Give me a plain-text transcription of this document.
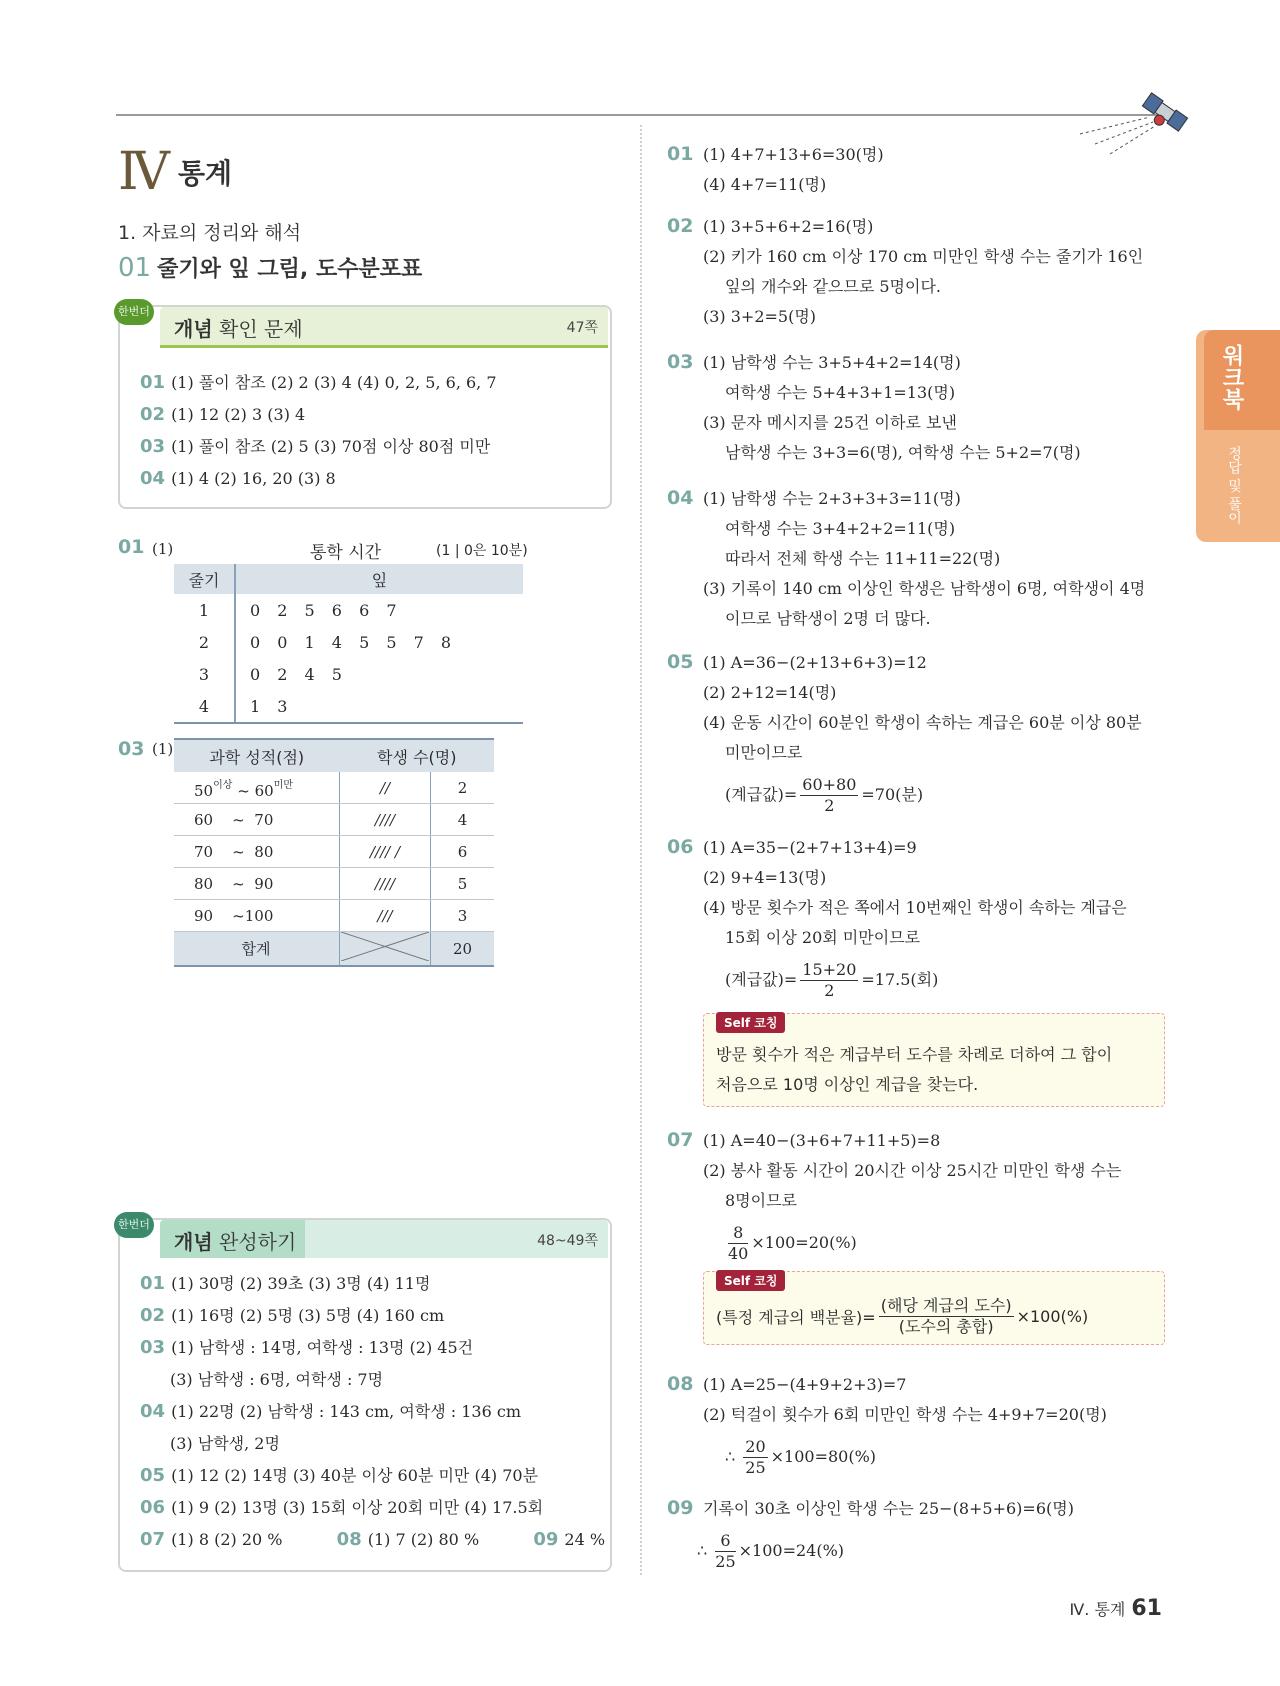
Ⅳ 통계
1. 자료의 정리와 해석
01 줄기와 잎 그림, 도수분포표
한번더
개념 확인 문제	47쪽
01 (1) 풀이 참조 (2) 2 (3) 4 (4) 0, 2, 5, 6, 6, 7
02 (1) 12 (2) 3 (3) 4
03 (1) 풀이 참조 (2) 5 (3) 70점 이상 80점 미만
04 (1) 4 (2) 16, 20 (3) 8
01 (1)	통학 시간	(1 | 0은 10분)
줄기	잎
1	0 2 5 6 6 7
2	0 0 1 4 5 5 7 8
3	0 2 4 5
4	1 3
03 (1) 과학 성적(점)	학생 수(명)	
$50^{이상}$ ~ $60^{미만}$	//	2
60 ~ 70	////	4
70 ~ 80	//// /	6
80 ~ 90	////	5
90 ~100	///	3
합계		20
한번더
개념 완성하기	48~49쪽
01 (1) 30명 (2) 39초 (3) 3명 (4) 11명
02 (1) 16명 (2) 5명 (3) 5명 (4) 160 cm
03 (1) 남학생 : 14명, 여학생 : 13명 (2) 45건
(3) 남학생 : 6명, 여학생 : 7명
04 (1) 22명 (2) 남학생 : 143 cm, 여학생 : 136 cm
(3) 남학생, 2명
05 (1) 12 (2) 14명 (3) 40분 이상 60분 미만 (4) 70분
06 (1) 9 (2) 13명 (3) 15회 이상 20회 미만 (4) 17.5회
07 (1) 8 (2) 20 %	08 (1) 7 (2) 80 %	09 24 %
01 (1) 4+7+13+6=30(명)
(4) 4+7=11(명)
02 (1) 3+5+6+2=16(명)
(2) 키가 160 cm 이상 170 cm 미만인 학생 수는 줄기가 16인
잎의 개수와 같으므로 5명이다.
(3) 3+2=5(명)
03 (1) 남학생 수는 3+5+4+2=14(명)
여학생 수는 5+4+3+1=13(명)
(3) 문자 메시지를 25건 이하로 보낸
남학생 수는 3+3=6(명), 여학생 수는 5+2=7(명)
04 (1) 남학생 수는 2+3+3+3=11(명)
여학생 수는 3+4+2+2=11(명)
따라서 전체 학생 수는 11+11=22(명)
(3) 기록이 140 cm 이상인 학생은 남학생이 6명, 여학생이 4명
이므로 남학생이 2명 더 많다.
05 (1) A=36−(2+13+6+3)=12
(2) 2+12=14(명)
(4) 운동 시간이 60분인 학생이 속하는 계급은 60분 이상 80분
미만이므로
(계급값)= $\frac{60+80}{2} =70$(분)
06 (1) A=35−(2+7+13+4)=9
(2) 9+4=13(명)
(4) 방문 횟수가 적은 쪽에서 10번째인 학생이 속하는 계급은
15회 이상 20회 미만이므로
(계급값)= $\frac{15+20}{2} =17.5$(회)
Self 코칭
방문 횟수가 적은 계급부터 도수를 차례로 더하여 그 합이
처음으로 10명 이상인 계급을 찾는다.
07 (1) A=40−(3+6+7+11+5)=8
(2) 봉사 활동 시간이 20시간 이상 25시간 미만인 학생 수는
8명이므로
$\frac{8}{40} \times 100=20(\%)$
Self 코칭
(특정 계급의 백분율)= $\frac{\text{(해당 계급의 도수)}}{\text{(도수의 총합)}} \times 100(\%)$
08 (1) A=25−(4+9+2+3)=7
(2) 턱걸이 횟수가 6회 미만인 학생 수는 4+9+7=20(명)
∴ $\frac{20}{25} \times 100=80(\%)$
09 기록이 30초 이상인 학생 수는 25−(8+5+6)=6(명)
∴ $\frac{6}{25} \times 100=24(\%)$
워크북
정답 및 풀이
Ⅳ. 통계 61
